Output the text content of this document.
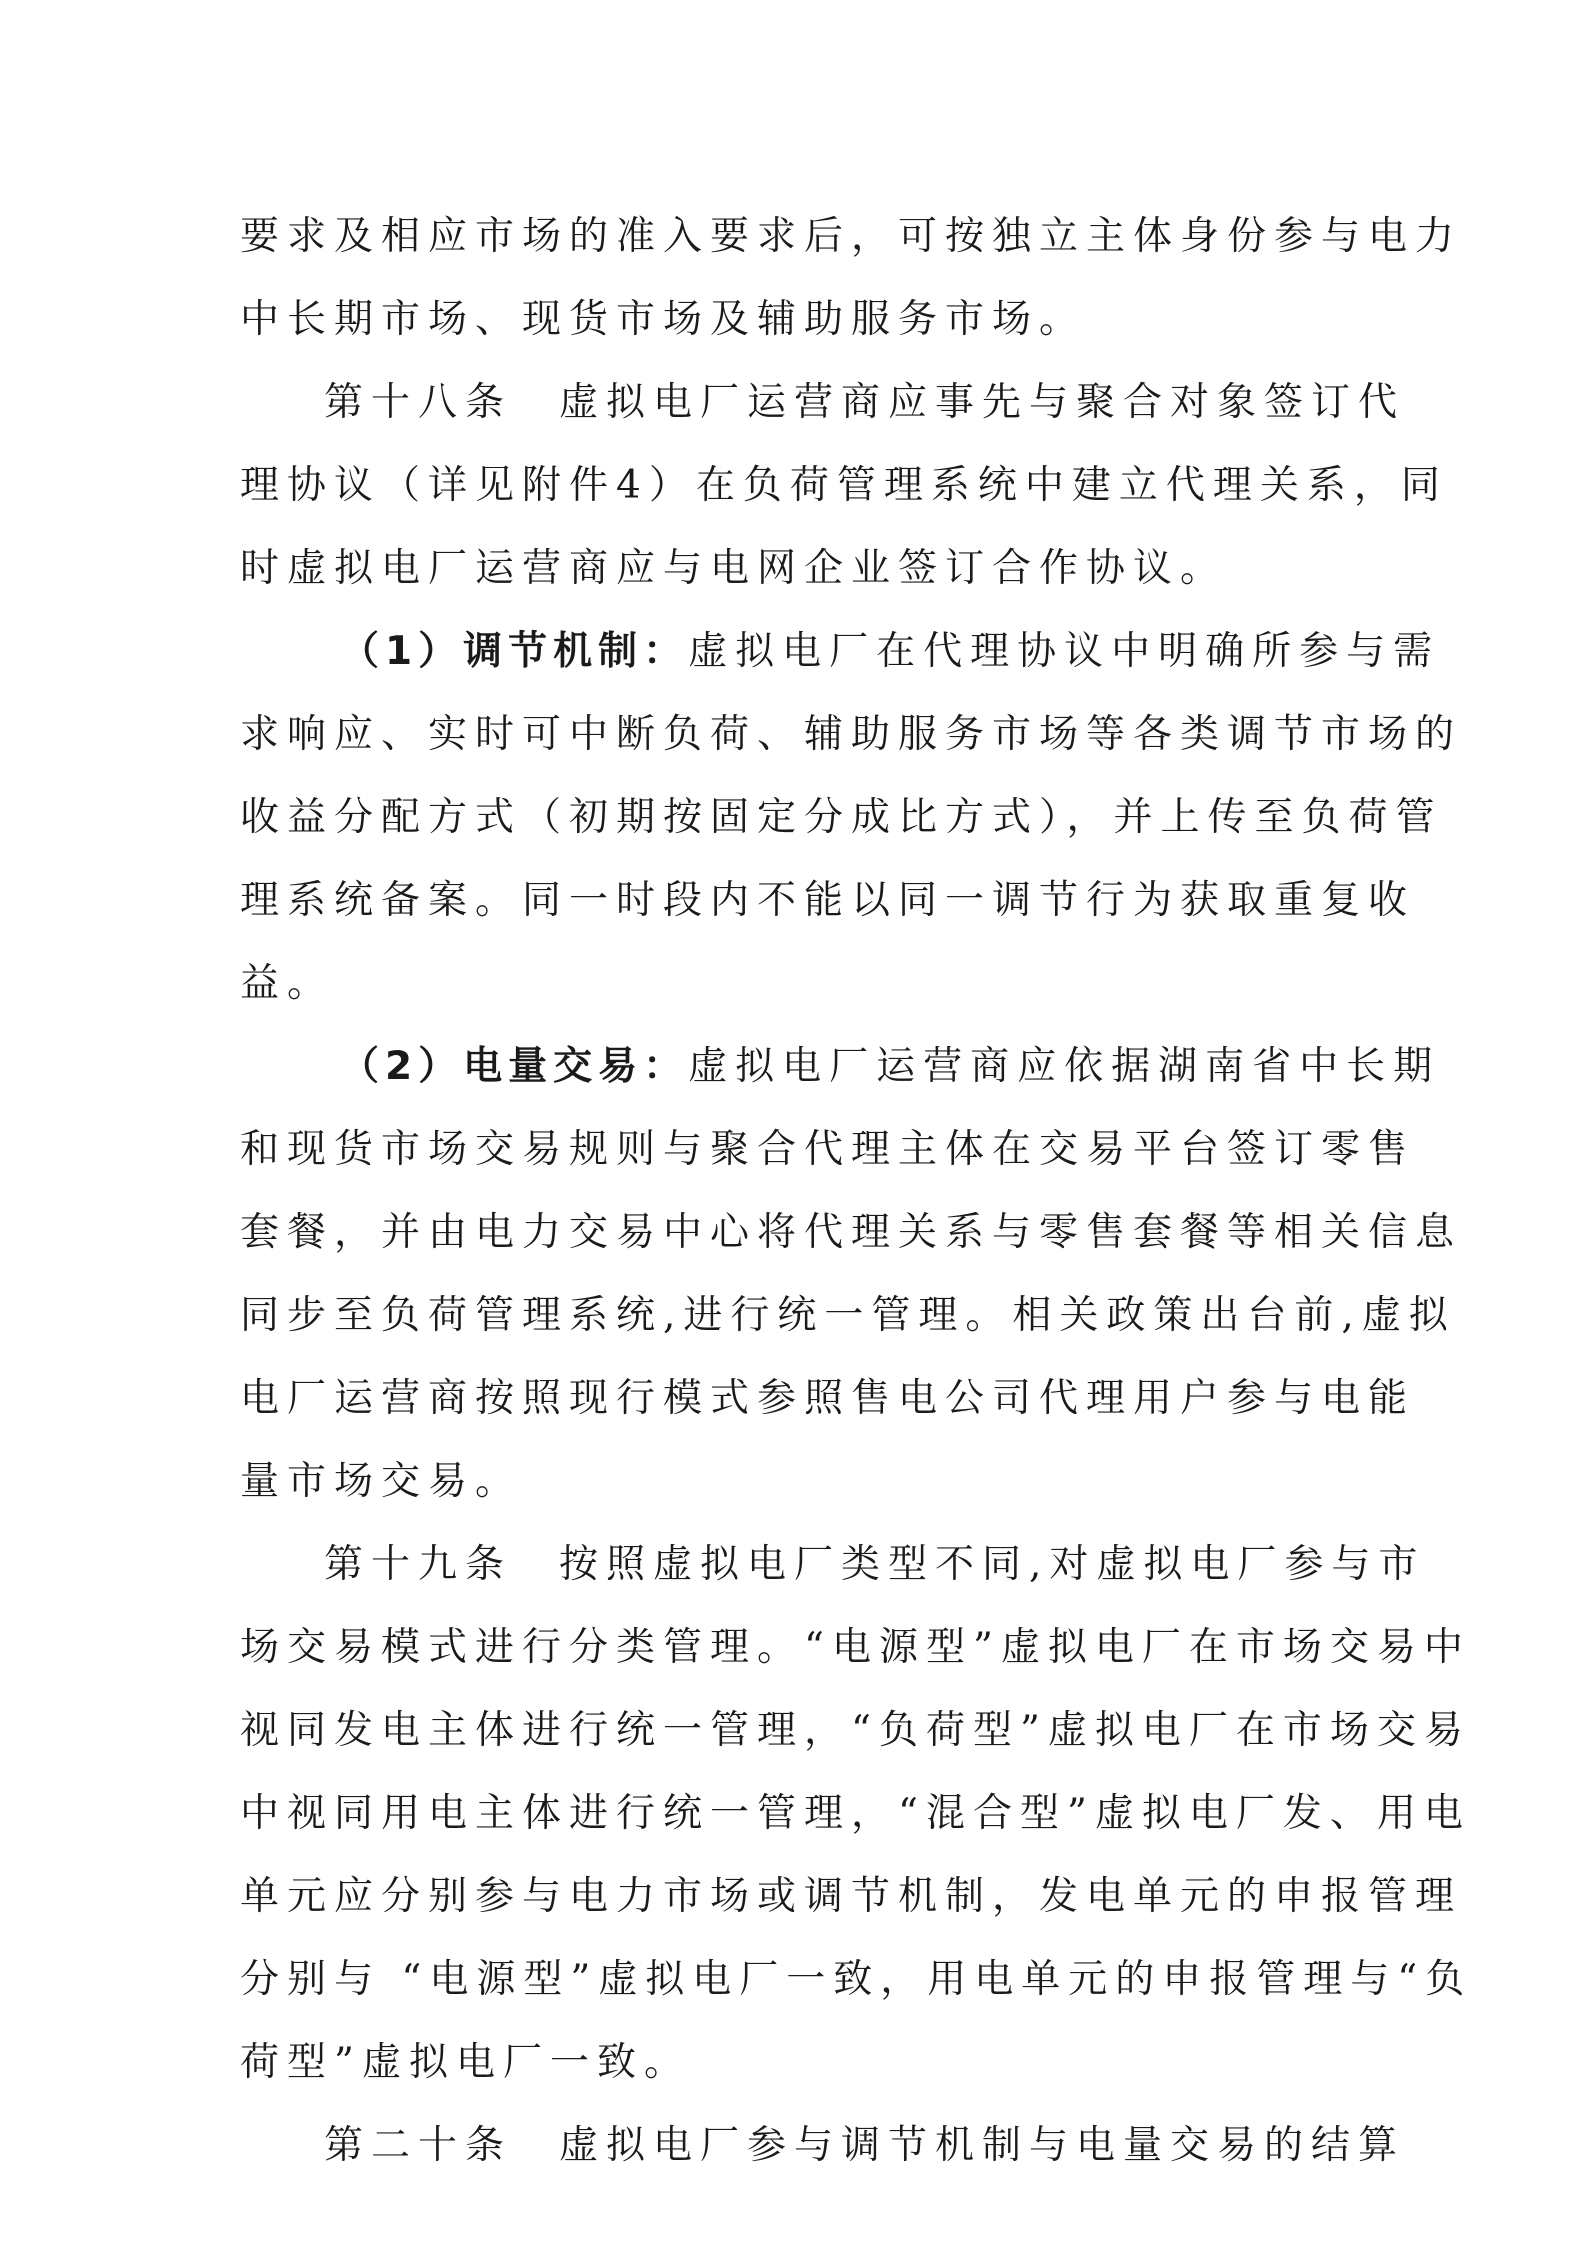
要求及相应市场的准入要求后，可按独立主体身份参与电力
中长期市场、现货市场及辅助服务市场。
第十八条　虚拟电厂运营商应事先与聚合对象签订代
理协议（详见附件4）在负荷管理系统中建立代理关系，同
时虚拟电厂运营商应与电网企业签订合作协议。
（1）调节机制：虚拟电厂在代理协议中明确所参与需
求响应、实时可中断负荷、辅助服务市场等各类调节市场的
收益分配方式（初期按固定分成比方式），并上传至负荷管
理系统备案。同一时段内不能以同一调节行为获取重复收
益。
（2）电量交易：虚拟电厂运营商应依据湖南省中长期
和现货市场交易规则与聚合代理主体在交易平台签订零售
套餐，并由电力交易中心将代理关系与零售套餐等相关信息
同步至负荷管理系统,进行统一管理。相关政策出台前,虚拟
电厂运营商按照现行模式参照售电公司代理用户参与电能
量市场交易。
第十九条　按照虚拟电厂类型不同,对虚拟电厂参与市
场交易模式进行分类管理。“电源型”虚拟电厂在市场交易中
视同发电主体进行统一管理，“负荷型”虚拟电厂在市场交易
中视同用电主体进行统一管理，“混合型”虚拟电厂发、用电
单元应分别参与电力市场或调节机制，发电单元的申报管理
分别与 “电源型”虚拟电厂一致，用电单元的申报管理与“负
荷型”虚拟电厂一致。
第二十条　虚拟电厂参与调节机制与电量交易的结算
